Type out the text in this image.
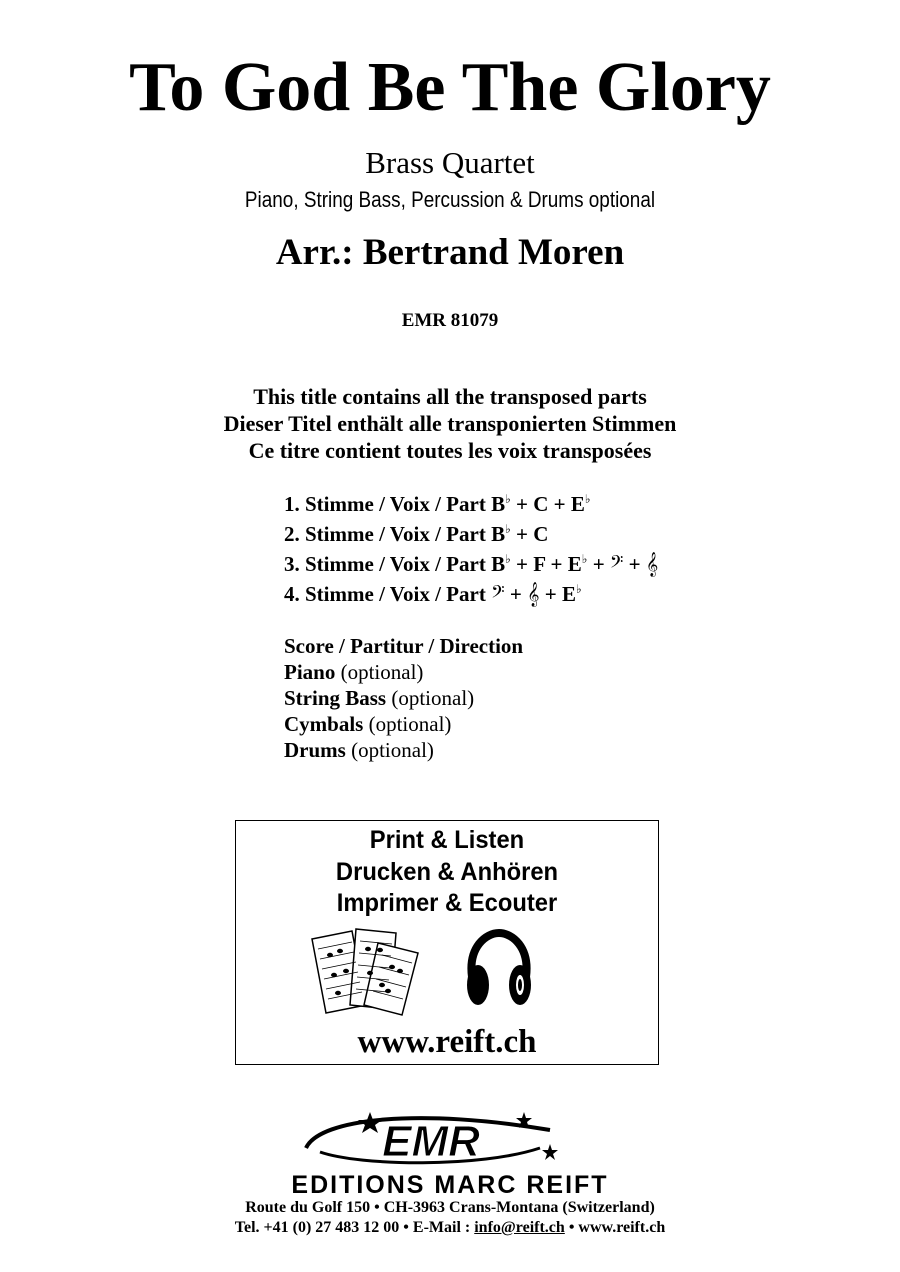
To God Be The Glory
Brass Quartet
Piano, String Bass, Percussion & Drums optional
Arr.: Bertrand Moren
EMR 81079
This title contains all the transposed parts
Dieser Titel enthält alle transponierten Stimmen
Ce titre contient toutes les voix transposées
1. Stimme / Voix / Part B♭ + C + E♭
2. Stimme / Voix / Part B♭ + C
3. Stimme / Voix / Part B♭ + F + E♭ + 𝄢 + 𝄞
4. Stimme / Voix / Part 𝄢 + 𝄞 + E♭
Score / Partitur / Direction
Piano (optional)
String Bass (optional)
Cymbals (optional)
Drums (optional)
Print & Listen
Drucken & Anhören
Imprimer & Ecouter
www.reift.ch
EMR
EDITIONS MARC REIFT
Route du Golf 150 • CH-3963 Crans-Montana (Switzerland)
Tel. +41 (0) 27 483 12 00 • E-Mail : info@reift.ch • www.reift.ch
